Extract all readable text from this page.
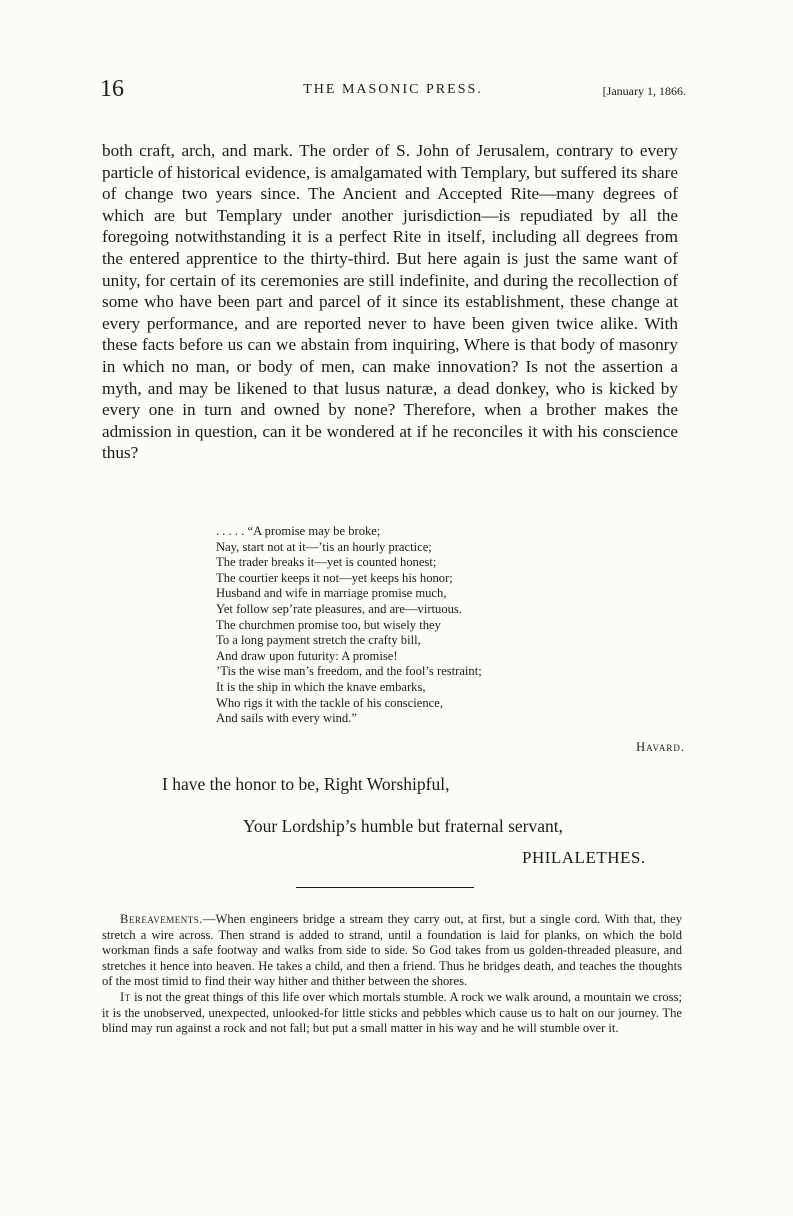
16	THE MASONIC PRESS.	[January 1, 1866.

both craft, arch, and mark. The order of S. John of Jerusalem, contrary to every particle of historical evidence, is amalgamated with Templary, but suffered its share of change two years since. The Ancient and Accepted Rite—many degrees of which are but Templary under another jurisdiction—is repudiated by all the foregoing notwithstanding it is a perfect Rite in itself, including all degrees from the entered apprentice to the thirty-third. But here again is just the same want of unity, for certain of its ceremonies are still indefinite, and during the recollection of some who have been part and parcel of it since its establishment, these change at every performance, and are reported never to have been given twice alike. With these facts before us can we abstain from inquiring, Where is that body of masonry in which no man, or body of men, can make innovation? Is not the assertion a myth, and may be likened to that lusus naturæ, a dead donkey, who is kicked by every one in turn and owned by none? Therefore, when a brother makes the admission in question, can it be wondered at if he reconciles it with his conscience thus?

. . . . . “A promise may be broke;
Nay, start not at it—’tis an hourly practice;
The trader breaks it—yet is counted honest;
The courtier keeps it not—yet keeps his honor;
Husband and wife in marriage promise much,
Yet follow sep’rate pleasures, and are—virtuous.
The churchmen promise too, but wisely they
To a long payment stretch the crafty bill,
And draw upon futurity: A promise!
’Tis the wise man’s freedom, and the fool’s restraint;
It is the ship in which the knave embarks,
Who rigs it with the tackle of his conscience,
And sails with every wind.”
Havard.
I have the honor to be, Right Worshipful,
Your Lordship’s humble but fraternal servant,
PHILALETHES.

Bereavements.—When engineers bridge a stream they carry out, at first, but a single cord. With that, they stretch a wire across. Then strand is added to strand, until a foundation is laid for planks, on which the bold workman finds a safe footway and walks from side to side. So God takes from us golden-threaded pleasure, and stretches it hence into heaven. He takes a child, and then a friend. Thus he bridges death, and teaches the thoughts of the most timid to find their way hither and thither between the shores.

It is not the great things of this life over which mortals stumble. A rock we walk around, a mountain we cross; it is the unobserved, unexpected, unlooked-for little sticks and pebbles which cause us to halt on our journey. The blind may run against a rock and not fall; but put a small matter in his way and he will stumble over it.
